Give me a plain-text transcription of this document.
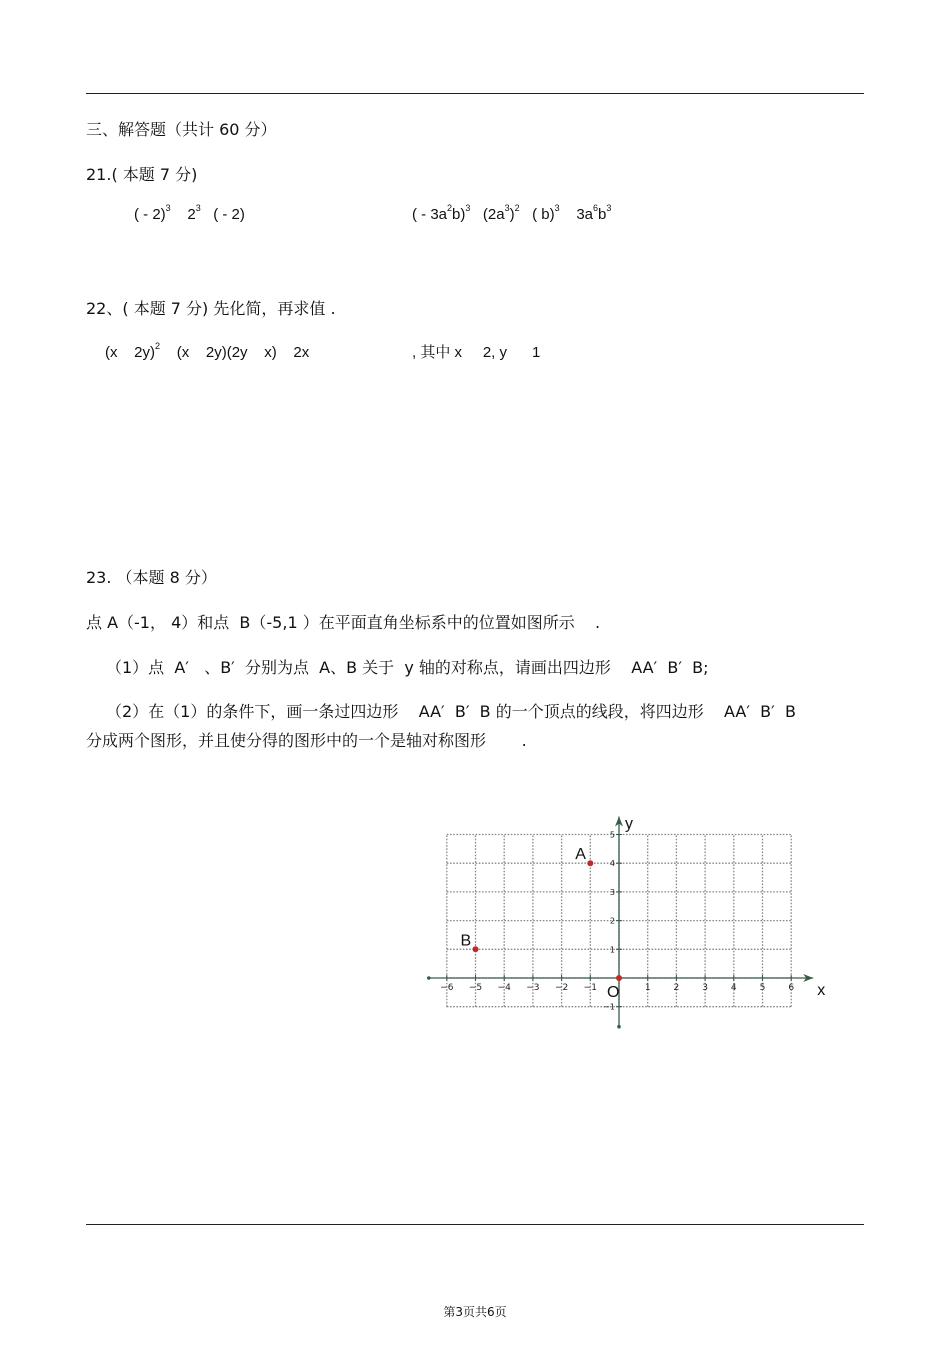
三、解答题（共计 60 分）
21.( 本题 7 分)
( - 2)$^3$ $2^3$ ( - 2)	( - $3a^2b)^3$ $(2a^3)^2$ ( b)$^3$ $3a^6b^3$
22、( 本题 7 分) 先化简，再求值 .
(x    2y)$^2$ (x    2y)(2y    x)    2x	, 其中 x     2, y      1
23. （本题 8 分）
点 A（-1， 4）和点  B（-5,1 ）在平面直角坐标系中的位置如图所示    .
（1）点  A′   、B′  分别为点  A、B 关于  y 轴的对称点，请画出四边形    AA′  B′  B;
（2）在（1）的条件下，画一条过四边形    AA′  B′  B 的一个顶点的线段，将四边形    AA′  B′  B
分成两个图形，并且使分得的图形中的一个是轴对称图形       .
−6 −5 −4 −3 −2 −1	1	2	3	4	5	6
5
4
3
2
1
−1
x
y
O
A
B
第3页共6页
